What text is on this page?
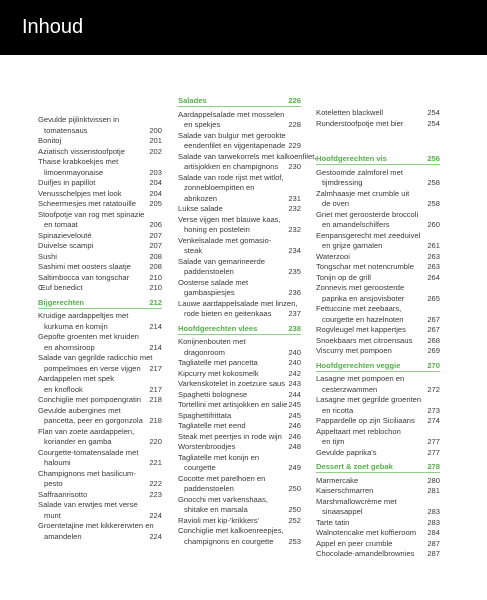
Inhoud
Gevulde pijlinktvissen in
tomatensaus	200
Bonitoj	201
Aziatisch vissenstoofpotje	202
Thaise krabkoekjes met
limoenmayonaise	203
Duifjes in papillot	204
Venusschelpjes met look	204
Scheermesjes met ratatouille 205
Stoofpotje van rog met spinazie
en tomaat	206
Spinazievelouté	207
Duivelse scampi	207
Sushi	208
Sashimi met oosters slaatje 208
Saltimbocca van tongschar	210
Œuf benedict	210
Bijgerechten	212
Kruidige aardappeltjes met
kurkuma en komijn	214
Gepofte groenten met kruiden
en ahornsiroop	214
Salade van gegrilde radicchio met
pompelmoes en verse vijgen 217
Aardappelen met spek
en knoflook	217
Conchiglie met pompoengratin 218
Gevulde aubergines met
pancetta, peer en gorgonzola 218
Flan van zoete aardappelen,
koriander en gamba	220
Courgette-tomatensalade met
haloumi	221
Champignons met basilicum-
pesto	222
Saffraanrisotto	223
Salade van erwtjes met verse
munt	224
Groentetajine met kikkererwten en
amandelen	224
Salades	226
Aardappelsalade met mosselen
en spekjes	228
Salade van bulgur met gerookte
eendenfilet en vijgentapenade 229
Salade van tarwekorrels met kalkoenfilet,
artisjokken en champignons 230
Salade van rode rijst met witlof,
zonnebloempitten en
abrikozen	231
Lukse salade	232
Verse vijgen met blauwe kaas,
honing en postelein	232
Venkelsalade met gomasio-
steak	234
Salade van gemarineerde
paddenstoelen	235
Oosterse salade met
gambaspiesjes	236
Lauwe aardappelsalade met linzen,
rode bieten en geitenkaas 237
Hoofdgerechten vlees	238
Konijnenbouten met
dragonroom	240
Tagliatelle met pancetta	240
Kipcurry met kokosmelk	242
Varkenskotelet in zoetzure saus 243
Spaghetti bolognese	244
Tortellini met artisjokken en salie 245
Spaghettifrittata	245
Tagliatelle met eend	246
Steak met peertjes in rode wijn 246
Worstenbroodjes	248
Tagliatelle met konijn en
courgette	249
Cocotte met parelhoen en
paddenstoelen	250
Gnocchi met varkenshaas,
shitake en marsala	250
Ravioli met kip-'krikkers'	252
Conchiglie met kalkoenreepjes,
champignons en courgette 253
Koteletten blackwell	254
Runderstoofpotje met bier	254
Hoofdgerechten vis	256
Gestoomde zalmforel met
tijmdressing	258
Zalmhaasje met crumble uit
de oven	258
Griet met geroosterde broccoli
en amandelschilfers	260
Eenpansgerecht met zeeduivel
en grijze garnalen	261
Waterzooi	263
Tongschar met notencrumble 263
Tonijn op de grill	264
Zonnevis met geroosterde
paprika en ansjovisboter	265
Fettuccine met zeebaars,
courgette en hazelnoten	267
Rogvleugel met kappertjes	267
Snoekbaars met citroensaus 268
Viscurry met pompoen	269
Hoofdgerechten veggie	270
Lasagne met pompoen en
cesterzwammen	272
Lasagne met gegrilde groenten
en ricotta	273
Pappardelle op zijn Siciliaans 274
Appeltaart met reblochon
en tijm	277
Gevulde paprika's	277
Dessert & zoet gebak	278
Marmercake	280
Kaiserschmarren	281
Marshmallowcrème met
sinaasappel	283
Tarte tatin	283
Walnotencake met koffieroom 284
Appel en peer crumble	287
Chocolade-amandelbrownies 287
